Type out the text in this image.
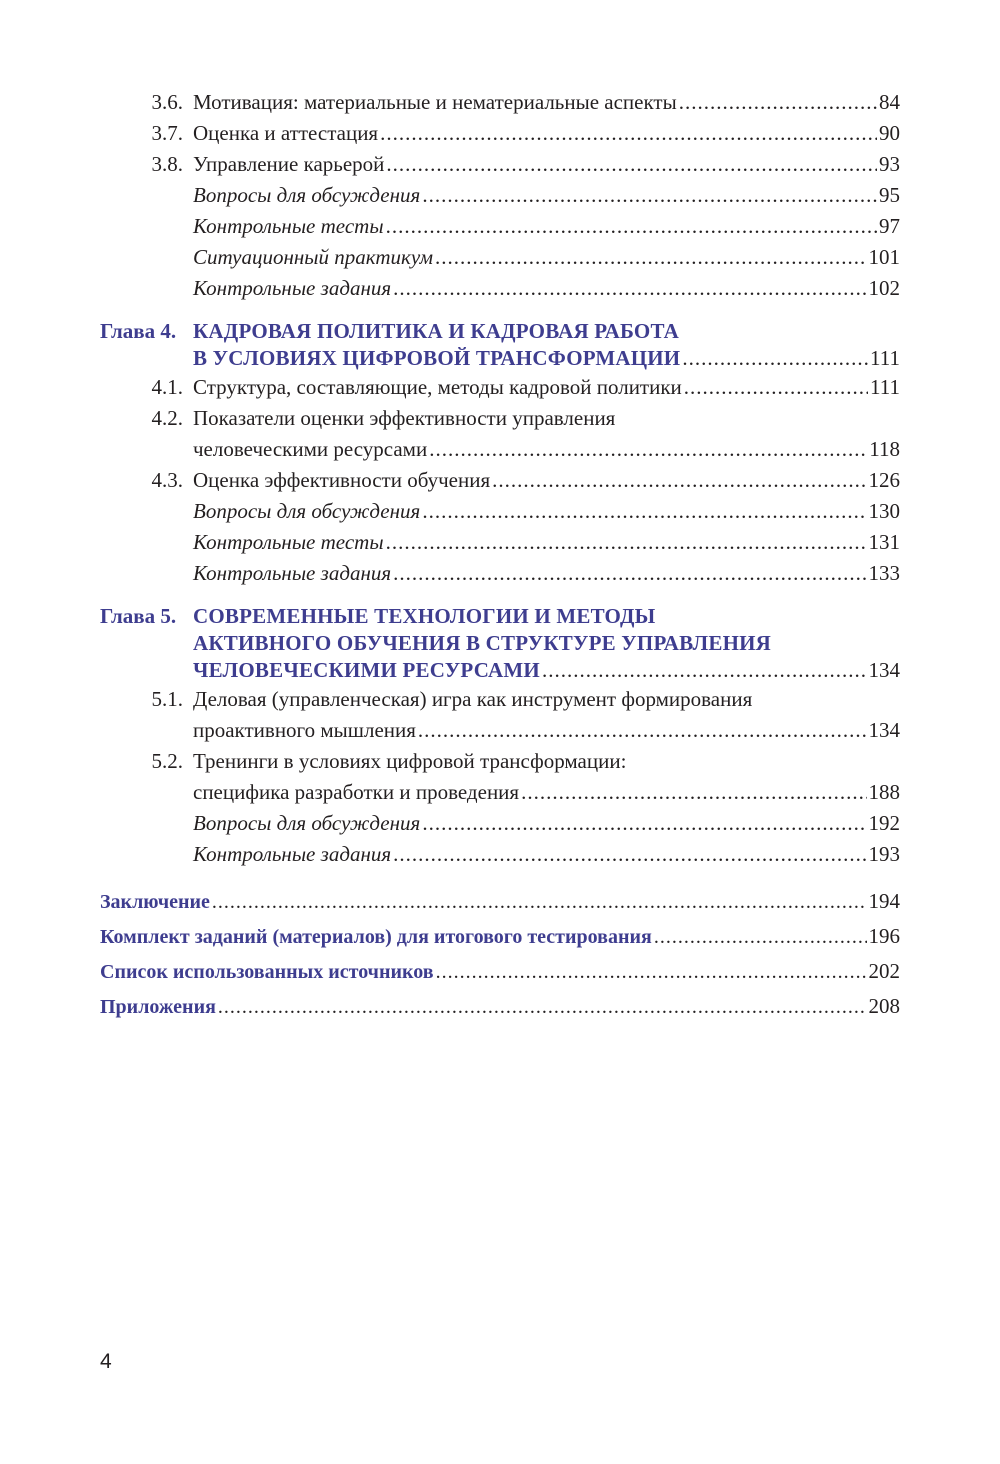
3.6. Мотивация: материальные и нематериальные аспекты .....	84
3.7. Оценка и аттестация .....	90
3.8. Управление карьерой .....	93
Вопросы для обсуждения .....	95
Контрольные тесты .....	97
Ситуационный практикум .....	101
Контрольные задания .....	102
Глава 4. КАДРОВАЯ ПОЛИТИКА И КАДРОВАЯ РАБОТА
В УСЛОВИЯХ ЦИФРОВОЙ ТРАНСФОРМАЦИИ .....	111
4.1. Структура, составляющие, методы кадровой политики .....	111
4.2. Показатели оценки эффективности управления
человеческими ресурсами .....	118
4.3. Оценка эффективности обучения .....	126
Вопросы для обсуждения .....	130
Контрольные тесты .....	131
Контрольные задания .....	133
Глава 5. СОВРЕМЕННЫЕ ТЕХНОЛОГИИ И МЕТОДЫ
АКТИВНОГО ОБУЧЕНИЯ В СТРУКТУРЕ УПРАВЛЕНИЯ
ЧЕЛОВЕЧЕСКИМИ РЕСУРСАМИ .....	134
5.1. Деловая (управленческая) игра как инструмент формирования
проактивного мышления .....	134
5.2. Тренинги в условиях цифровой трансформации:
специфика разработки и проведения .....	188
Вопросы для обсуждения .....	192
Контрольные задания .....	193
Заключение .....	194
Комплект заданий (материалов) для итогового тестирования .....	196
Список использованных источников .....	202
Приложения .....	208
4
